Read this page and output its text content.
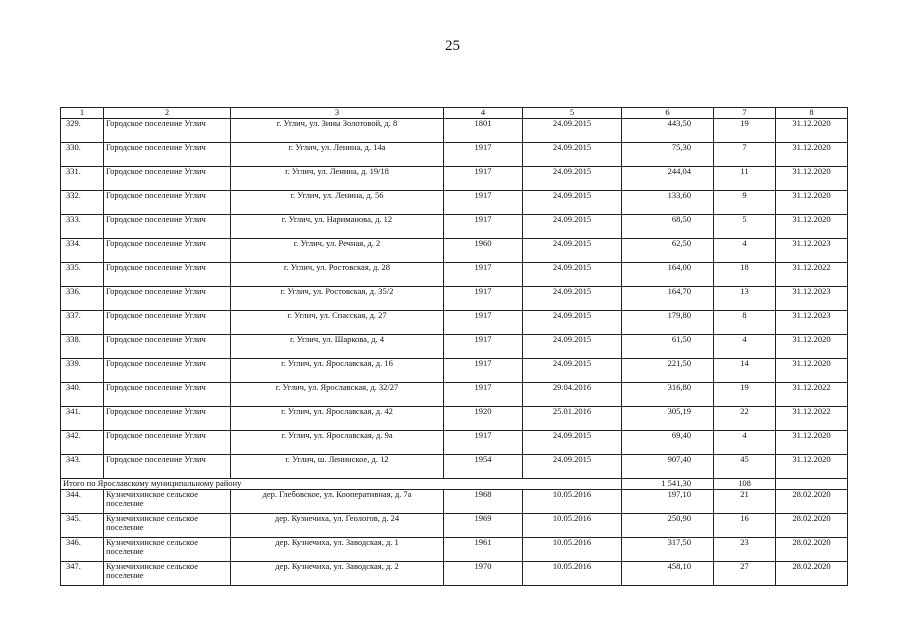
25
1	2	3	4	5	6	7	8
329.	Городское поселение Углич	г. Углич, ул. Зины Золотовой, д. 8	1801	24.09.2015	443,50	19	31.12.2020
330.	Городское поселение Углич	г. Углич, ул. Ленина, д. 14а	1917	24.09.2015	75,30	7	31.12.2020
331.	Городское поселение Углич	г. Углич, ул. Ленина, д. 19/18	1917	24.09.2015	244,04	11	31.12.2020
332.	Городское поселение Углич	г. Углич, ул. Ленина, д. 56	1917	24.09.2015	133,60	9	31.12.2020
333.	Городское поселение Углич	г. Углич, ул. Нариманова, д. 12	1917	24.09.2015	68,50	5	31.12.2020
334.	Городское поселение Углич	г. Углич, ул. Речная, д. 2	1960	24.09.2015	62,50	4	31.12.2023
335.	Городское поселение Углич	г. Углич, ул. Ростовская, д. 28	1917	24.09.2015	164,00	18	31.12.2022
336.	Городское поселение Углич	г. Углич, ул. Ростовская, д. 35/2	1917	24.09.2015	164,70	13	31.12.2023
337.	Городское поселение Углич	г. Углич, ул. Спасская, д. 27	1917	24.09.2015	179,80	8	31.12.2023
338.	Городское поселение Углич	г. Углич, ул. Шаркова, д. 4	1917	24.09.2015	61,50	4	31.12.2020
339.	Городское поселение Углич	г. Углич, ул. Ярославская, д. 16	1917	24.09.2015	221,50	14	31.12.2020
340.	Городское поселение Углич	г. Углич, ул. Ярославская, д. 32/27	1917	29.04.2016	316,80	19	31.12.2022
341.	Городское поселение Углич	г. Углич, ул. Ярославская, д. 42	1920	25.01.2016	305,19	22	31.12.2022
342.	Городское поселение Углич	г. Углич, ул. Ярославская, д. 9а	1917	24.09.2015	69,40	4	31.12.2020
343.	Городское поселение Углич	г. Углич, ш. Ленинское, д. 12	1954	24.09.2015	907,40	45	31.12.2020
Итого по Ярославскому муниципальному району					1 541,30	108	
344.	Кузнечихинское сельское поселение	дер. Глебовское, ул. Кооперативная, д. 7а	1968	10.05.2016	197,10	21	28.02.2020
345.	Кузнечихинское сельское поселение	дер. Кузнечиха, ул. Геологов, д. 24	1969	10.05.2016	250,90	16	28.02.2020
346.	Кузнечихинское сельское поселение	дер. Кузнечиха, ул. Заводская, д. 1	1961	10.05.2016	317,50	23	28.02.2020
347.	Кузнечихинское сельское поселение	дер. Кузнечиха, ул. Заводская, д. 2	1970	10.05.2016	458,10	27	28.02.2020
